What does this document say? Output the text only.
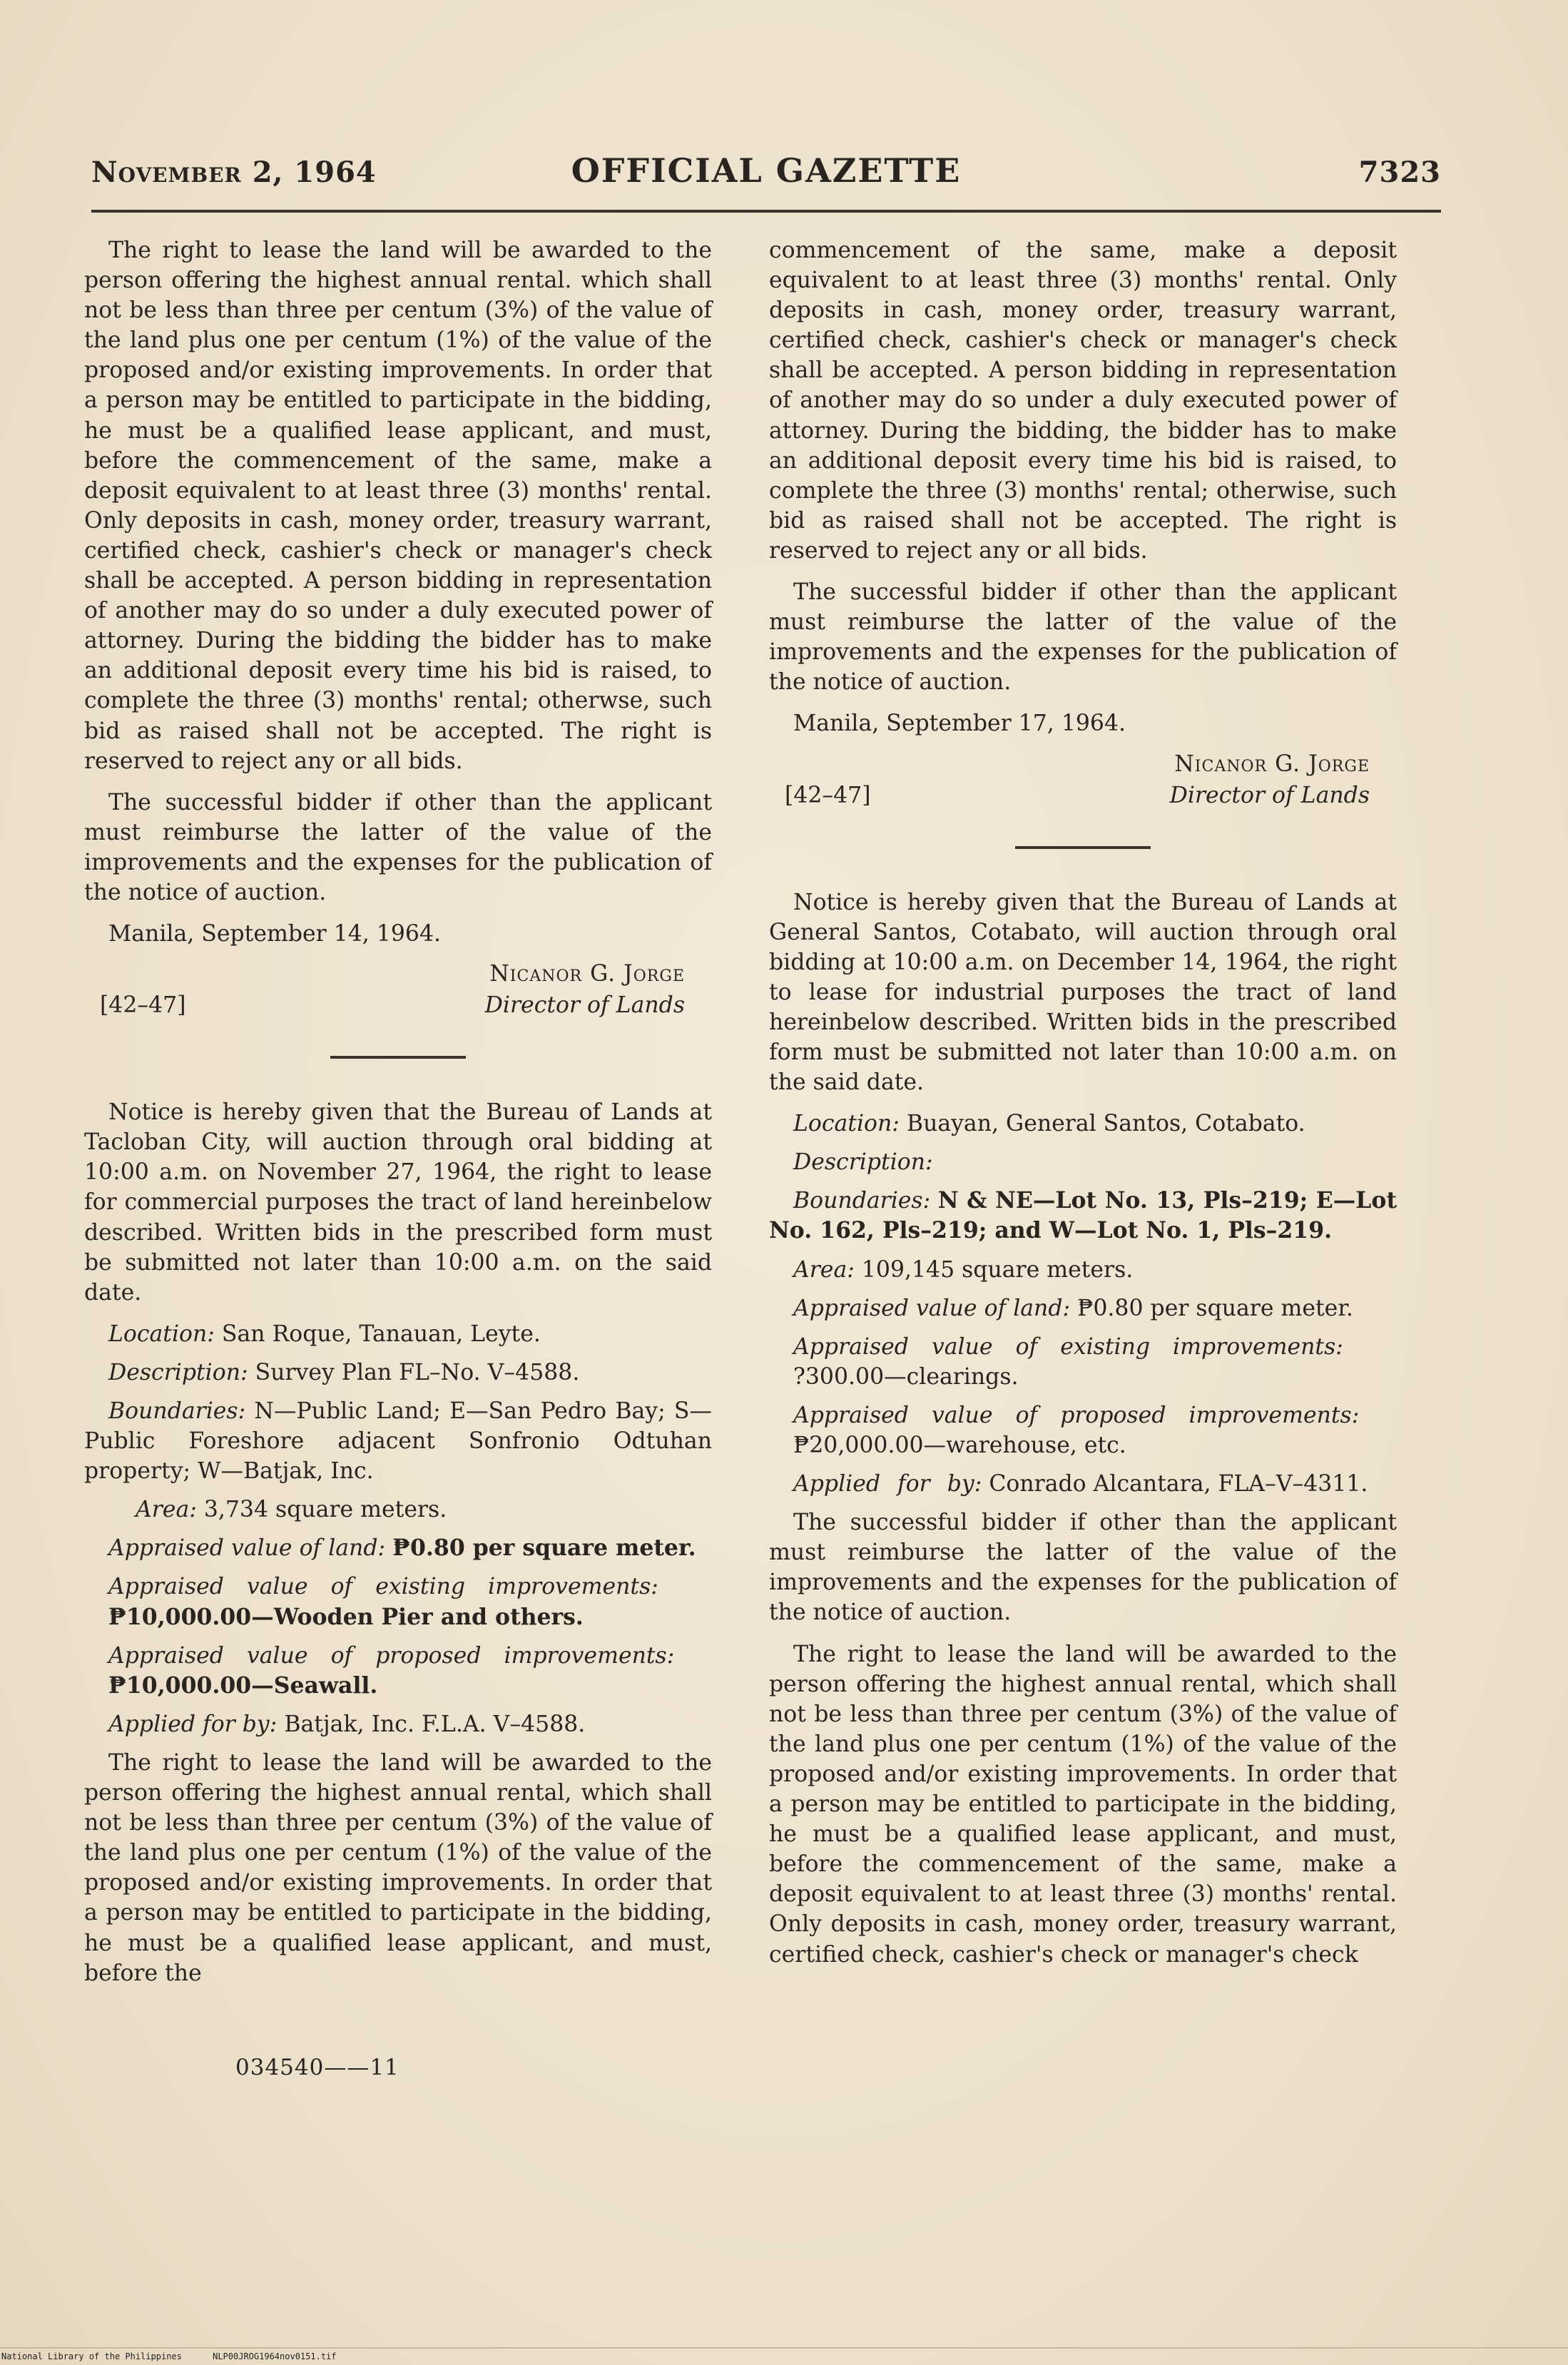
November 2, 1964	OFFICIAL GAZETTE	7323

The right to lease the land will be awarded to the person offering the highest annual rental. which shall not be less than three per centum (3%) of the value of the land plus one per centum (1%) of the value of the proposed and/or existing improvements. In order that a person may be entitled to participate in the bidding, he must be a qualified lease applicant, and must, before the commencement of the same, make a deposit equivalent to at least three (3) months' rental. Only deposits in cash, money order, treasury warrant, certified check, cashier's check or manager's check shall be accepted. A person bidding in representation of another may do so under a duly executed power of attorney. During the bidding the bidder has to make an additional deposit every time his bid is raised, to complete the three (3) months' rental; otherwse, such bid as raised shall not be accepted. The right is reserved to reject any or all bids.

The successful bidder if other than the applicant must reimburse the latter of the value of the improvements and the expenses for the publication of the notice of auction.

Manila, September 14, 1964.
[42–47]
Nicanor G. Jorge
Director of Lands

Notice is hereby given that the Bureau of Lands at Tacloban City, will auction through oral bidding at 10:00 a.m. on November 27, 1964, the right to lease for commercial purposes the tract of land hereinbelow described. Written bids in the prescribed form must be submitted not later than 10:00 a.m. on the said date.

Location: San Roque, Tanauan, Leyte.

Description: Survey Plan FL–No. V–4588.

Boundaries: N—Public Land; E—San Pedro Bay; S—Public Foreshore adjacent Sonfronio Odtuhan property; W—Batjak, Inc.

Area: 3,734 square meters.

Appraised value of land: ₱0.80 per square meter.

Appraised value of existing improvements:
₱10,000.00—Wooden Pier and others.

Appraised value of proposed improvements:
₱10,000.00—Seawall.

Applied for by: Batjak, Inc. F.L.A. V–4588.

The right to lease the land will be awarded to the person offering the highest annual rental, which shall not be less than three per centum (3%) of the value of the land plus one per centum (1%) of the value of the proposed and/or existing improvements. In order that a person may be entitled to participate in the bidding, he must be a qualified lease applicant, and must, before the

commencement of the same, make a deposit equivalent to at least three (3) months' rental. Only deposits in cash, money order, treasury warrant, certified check, cashier's check or manager's check shall be accepted. A person bidding in representation of another may do so under a duly executed power of attorney. During the bidding, the bidder has to make an additional deposit every time his bid is raised, to complete the three (3) months' rental; otherwise, such bid as raised shall not be accepted. The right is reserved to reject any or all bids.

The successful bidder if other than the applicant must reimburse the latter of the value of the improvements and the expenses for the publication of the notice of auction.

Manila, September 17, 1964.
[42–47]
Nicanor G. Jorge
Director of Lands

Notice is hereby given that the Bureau of Lands at General Santos, Cotabato, will auction through oral bidding at 10:00 a.m. on December 14, 1964, the right to lease for industrial purposes the tract of land hereinbelow described. Written bids in the prescribed form must be submitted not later than 10:00 a.m. on the said date.

Location: Buayan, General Santos, Cotabato.

Description:

Boundaries: N & NE—Lot No. 13, Pls–219; E—Lot No. 162, Pls–219; and W—Lot No. 1, Pls–219.

Area: 109,145 square meters.

Appraised value of land: ₱0.80 per square meter.

Appraised value of existing improvements:
?300.00—clearings.

Appraised value of proposed improvements:
₱20,000.00—warehouse, etc.

Applied for by: Conrado Alcantara, FLA–V–4311.

The successful bidder if other than the applicant must reimburse the latter of the value of the improvements and the expenses for the publication of the notice of auction.

The right to lease the land will be awarded to the person offering the highest annual rental, which shall not be less than three per centum (3%) of the value of the land plus one per centum (1%) of the value of the proposed and/or existing improvements. In order that a person may be entitled to participate in the bidding, he must be a qualified lease applicant, and must, before the commencement of the same, make a deposit equivalent to at least three (3) months' rental. Only deposits in cash, money order, treasury warrant, certified check, cashier's check or manager's check

034540——11
National Library of the Philippines	NLP00JROG1964nov0151.tif
